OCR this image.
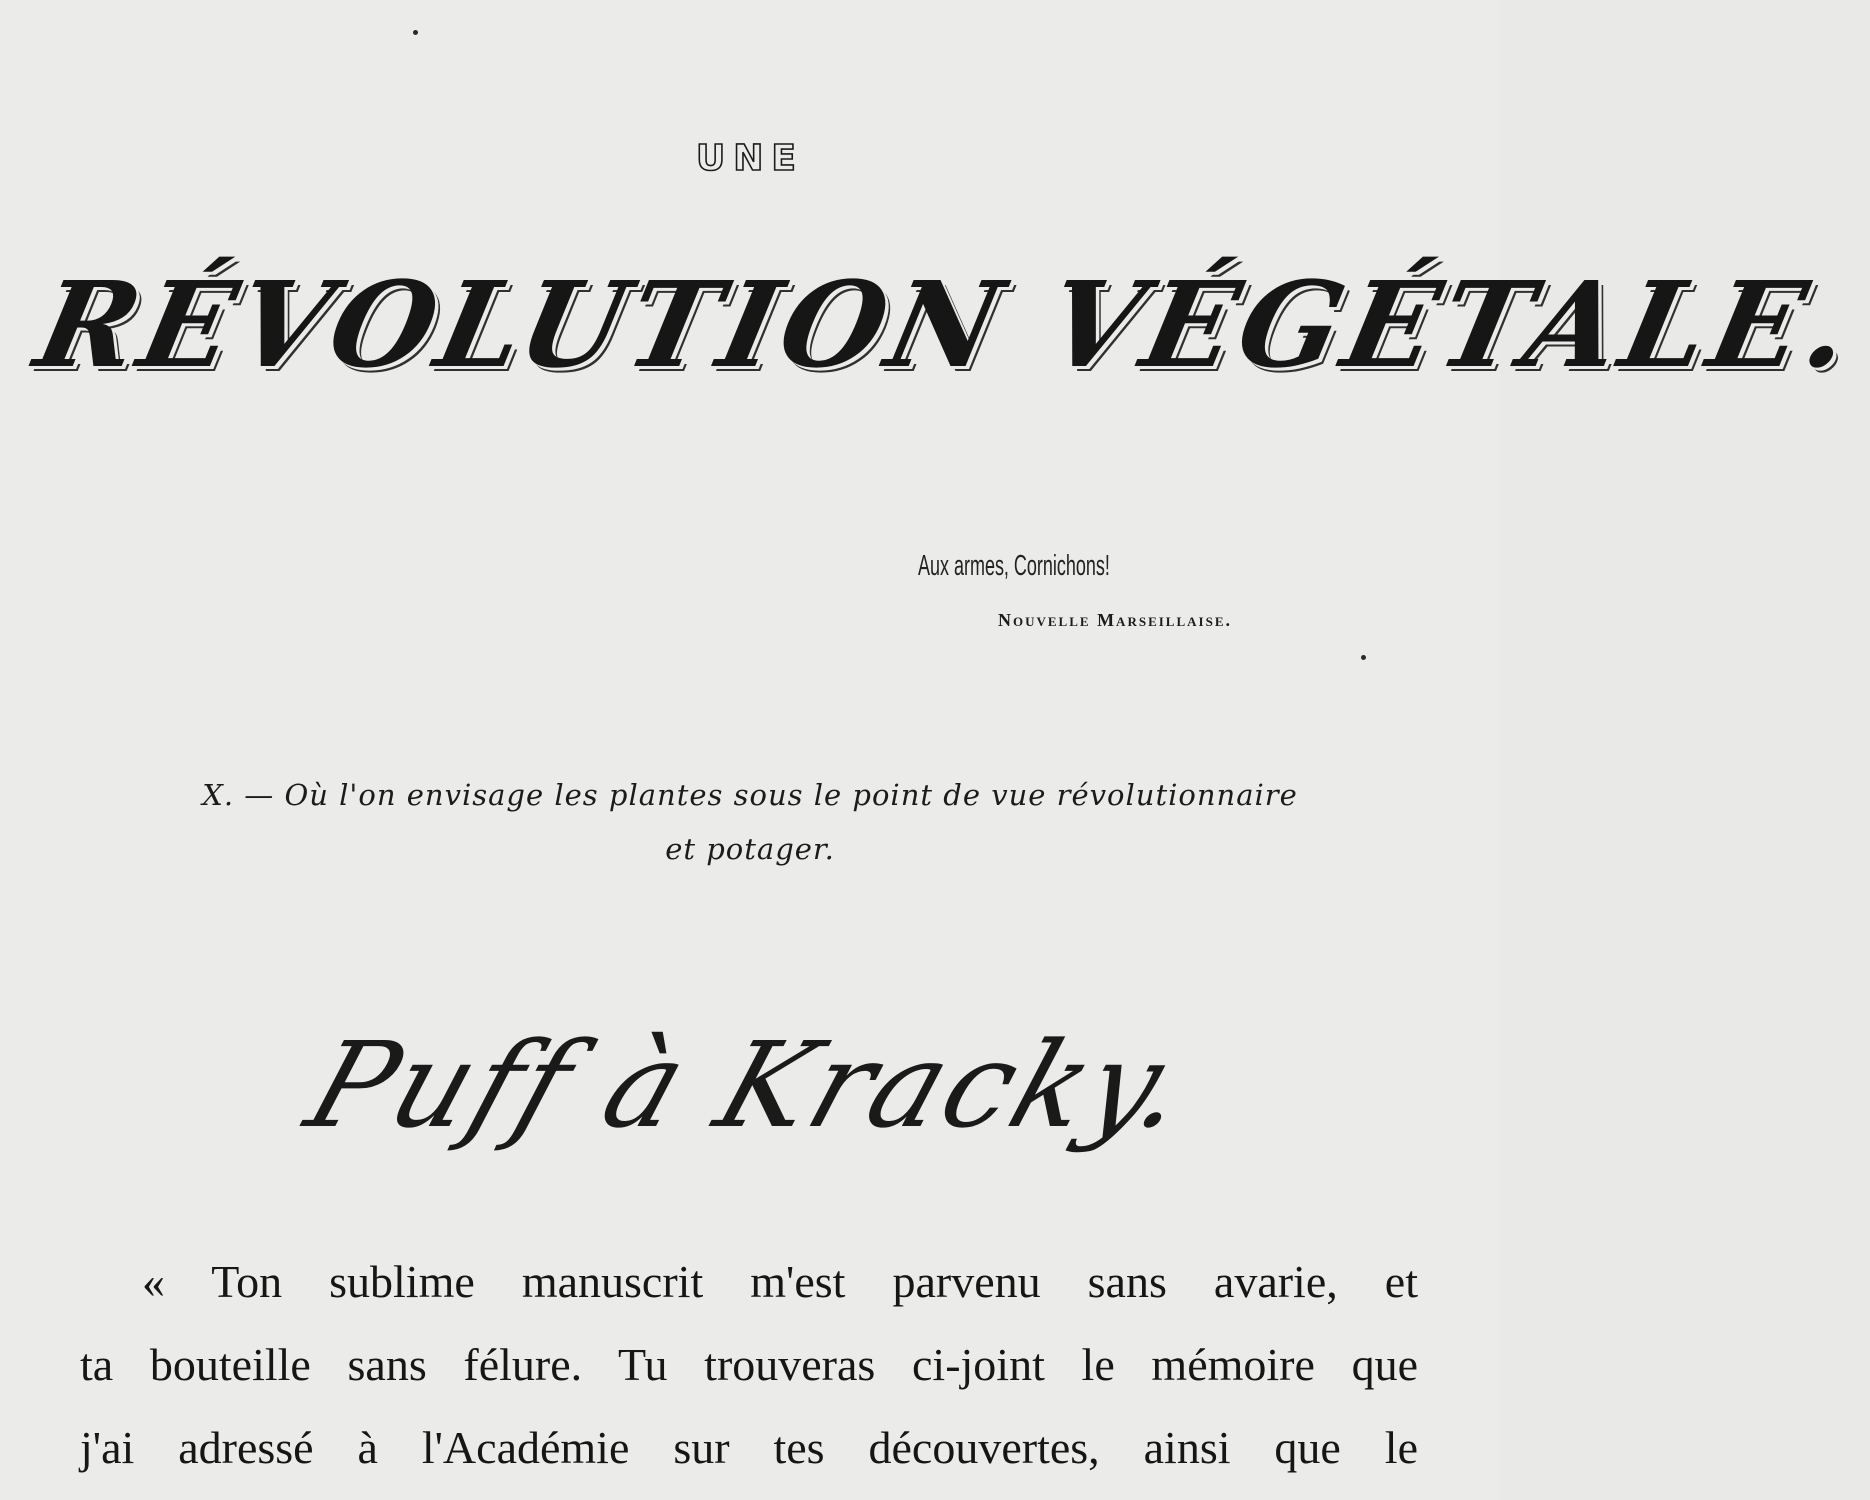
UNE
RÉVOLUTION VÉGÉTALE.
Aux armes, Cornichons!
Nouvelle Marseillaise.
X. — Où l'on envisage les plantes sous le point de vue révolutionnaire
et potager.
Puff à Kracky.
« Ton sublime manuscrit m'est parvenu sans avarie, et
ta bouteille sans félure. Tu trouveras ci-joint le mémoire que
j'ai adressé à l'Académie sur tes découvertes, ainsi que le
